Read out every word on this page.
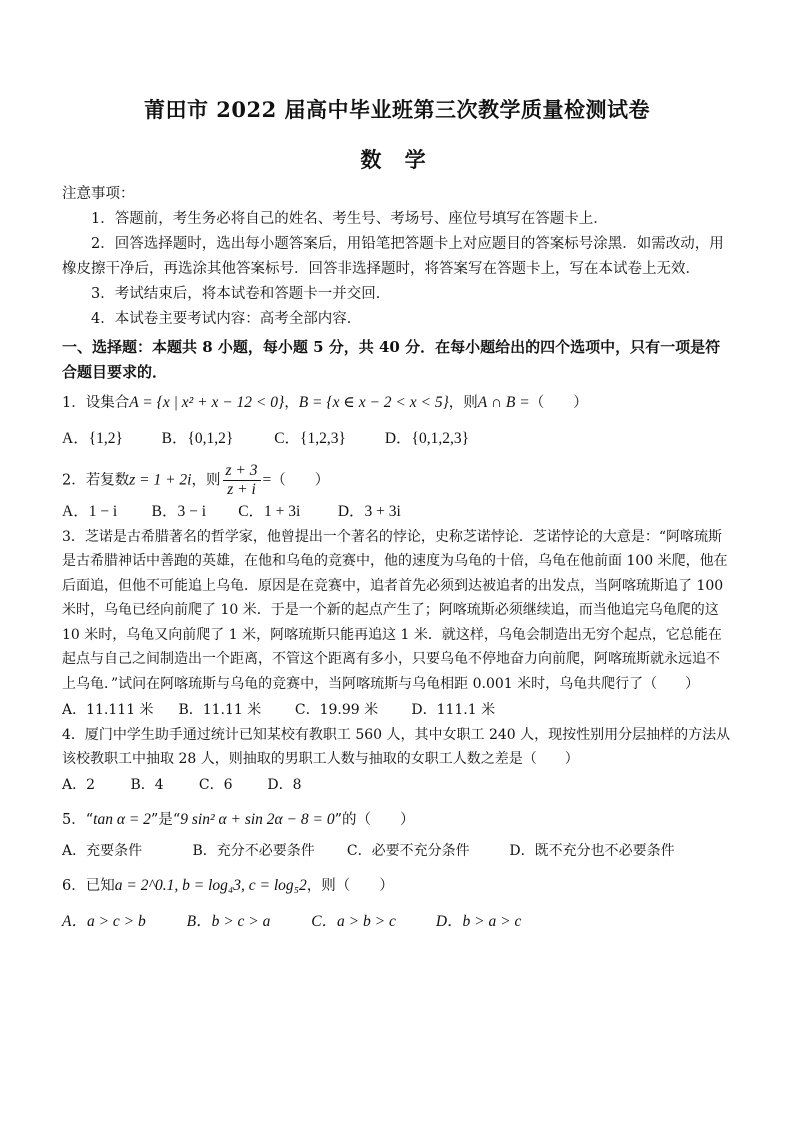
莆田市 2022 届高中毕业班第三次教学质量检测试卷
数 学

注意事项：

1．答题前，考生务必将自己的姓名、考生号、考场号、座位号填写在答题卡上．

2．回答选择题时，选出每小题答案后，用铅笔把答题卡上对应题目的答案标号涂黑．如需改动，用橡皮擦干净后，再选涂其他答案标号．回答非选择题时，将答案写在答题卡上，写在本试卷上无效．

3．考试结束后，将本试卷和答题卡一并交回．

4．本试卷主要考试内容：高考全部内容．

一、选择题：本题共 8 小题，每小题 5 分，共 40 分．在每小题给出的四个选项中，只有一项是符合题目要求的．

1．设集合A = {x | x² + x − 12 < 0}，B = {x ∈ x − 2 < x < 5}，则A ∩ B =（　　）

A．{1,2} B．{0,1,2}	C．{1,2,3}	D．{0,1,2,3}

2．若复数z = 1 + 2i，则 $\frac{z + 3}{z + i}$ =（　　）

A．1 − i B．3 − i C．1 + 3i D．3 + 3i

3．芝诺是古希腊著名的哲学家，他曾提出一个著名的悖论，史称芝诺悖论．芝诺悖论的大意是：“阿喀琉斯是古希腊神话中善跑的英雄，在他和乌龟的竞赛中，他的速度为乌龟的十倍，乌龟在他前面 100 米爬，他在后面追，但他不可能追上乌龟．原因是在竞赛中，追者首先必须到达被追者的出发点，当阿喀琉斯追了 100 米时，乌龟已经向前爬了 10 米．于是一个新的起点产生了；阿喀琉斯必须继续追，而当他追完乌龟爬的这 10 米时，乌龟又向前爬了 1 米，阿喀琉斯只能再追这 1 米．就这样，乌龟会制造出无穷个起点，它总能在起点与自己之间制造出一个距离，不管这个距离有多小，只要乌龟不停地奋力向前爬，阿喀琉斯就永远追不上乌龟．”试问在阿喀琉斯与乌龟的竞赛中，当阿喀琉斯与乌龟相距 0.001 米时，乌龟共爬行了（　　）

A．11.111 米 B．11.11 米 C．19.99 米 D．111.1 米

4．厦门中学生助手通过统计已知某校有教职工 560 人，其中女职工 240 人，现按性别用分层抽样的方法从该校教职工中抽取 28 人，则抽取的男职工人数与抽取的女职工人数之差是（　　）

A．2	B．4	C．6 D．8

5．“tan α = 2”是“9 sin² α + sin 2α − 8 = 0”的（　　）

A．充要条件	B．充分不必要条件 C．必要不充分条件	D．既不充分也不必要条件

6．已知a = 2^0.1, b = log₄3, c = log₅2，则（　　）

A．a > c > b	B．b > c > a	C．a > b > c	D．b > a > c
